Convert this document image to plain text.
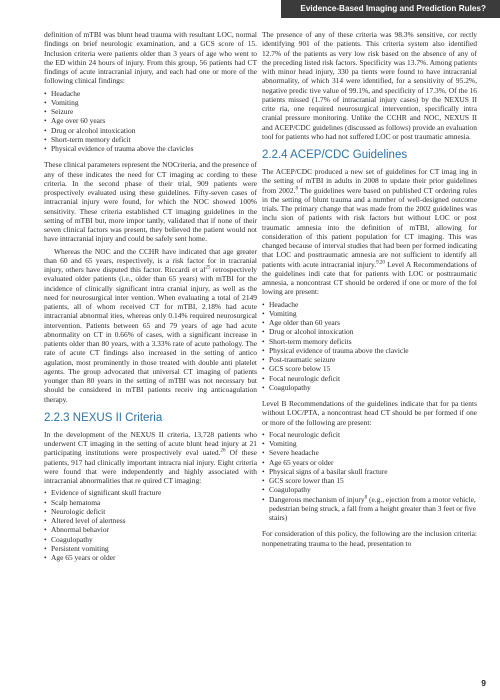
Evidence-Based Imaging and Prediction Rules?

definition of mTBI was blunt head trauma with resultant LOC, normal findings on brief neurologic examination, and a GCS score of 15. Inclusion criteria were patients older than 3 years of age who went to the ED within 24 hours of injury. From this group, 56 patients had CT findings of acute intracranial injury, and each had one or more of the following clinical findings:

• Headache
• Vomiting
• Seizure
• Age over 60 years
• Drug or alcohol intoxication
• Short-term memory deficit
• Physical evidence of trauma above the clavicles

These clinical parameters represent the NOCriteria, and the presence of any of these indicates the need for CT imaging ac cording to these criteria. In the second phase of their trial, 909 patients were prospectively evaluated using these guidelines. Fifty-seven cases of intracranial injury were found, for which the NOC showed 100% sensitivity. These criteria established CT imaging guidelines in the setting of mTBI but, more impor tantly, validated that if none of their seven clinical factors was present, they believed the patient would not have intracranial injury and could be safely sent home.

Whereas the NOC and the CCHR have indicated that age greater than 60 and 65 years, respectively, is a risk factor for in tracranial injury, others have disputed this factor. Riccardi et $al^{25}$ retrospectively evaluated older patients (i.e., older than 65 years) with mTBI for the incidence of clinically significant intra cranial injury, as well as the need for neurosurgical inter vention. When evaluating a total of 2149 patients, all of whom received CT for mTBI, 2.18% had acute intracranial abnormal ities, whereas only 0.14% required neurosurgical intervention. Patients between 65 and 79 years of age had acute abnormality on CT in 0.66% of cases, with a significant increase in patients older than 80 years, with a 3.33% rate of acute pathology. The rate of acute CT findings also increased in the setting of antico agulation, most prominently in those treated with double anti platelet agents. The group advocated that universal CT imaging of patients younger than 80 years in the setting of mTBI was not necessary but should be considered in mTBI patients receiv ing anticoagulation therapy.

2.2.3 NEXUS II Criteria

In the development of the NEXUS II criteria, 13,728 patients who underwent CT imaging in the setting of acute blunt head injury at 21 participating institutions were prospectively eval uated.$^{26}$ Of these patients, 917 had clinically important intracra nial injury. Eight criteria were found that were independently and highly associated with intracranial abnormalities that re quired CT imaging:

• Evidence of significant skull fracture
• Scalp hematoma
• Neurologic deficit
• Altered level of alertness
• Abnormal behavior
• Coagulopathy
• Persistent vomiting
• Age 65 years or older

The presence of any of these criteria was 98.3% sensitive, cor rectly identifying 901 of the patients. This criteria system also identified 12.7% of the patients as very low risk based on the absence of any of the preceding listed risk factors. Specificity was 13.7%. Among patients with minor head injury, 330 pa tients were found to have intracranial abnormality, of which 314 were identified, for a sensitivity of 95.2%, negative predic tive value of 99.1%, and specificity of 17.3%. Of the 16 patients missed (1.7% of intracranial injury cases) by the NEXUS II crite ria, one required neurosurgical intervention, specifically intra cranial pressure monitoring. Unlike the CCHR and NOC, NEXUS II and ACEP/CDC guidelines (discussed as follows) provide an evaluation tool for patients who had not suffered LOC or post traumatic amnesia.

2.2.4 ACEP/CDC Guidelines

The ACEP/CDC produced a new set of guidelines for CT imag ing in the setting of mTBI in adults in 2008 to update their prior guidelines from 2002.$^8$ The guidelines were based on published CT ordering rules in the setting of blunt trauma and a number of well-designed outcome trials. The primary change that was made from the 2002 guidelines was inclu sion of patients with risk factors but without LOC or post traumatic amnesia into the definition of mTBI, allowing for consideration of this patient population for CT imaging. This was changed because of interval studies that had been per formed indicating that LOC and posttraumatic amnesia are not sufficient to identify all patients with acute intracranial injury.$^{9,20}$ Level A Recommendations of the guidelines indi cate that for patients with LOC or posttraumatic amnesia, a noncontrast CT should be ordered if one or more of the fol lowing are present:

• Headache
• Vomiting
• Age older than 60 years
• Drug or alcohol intoxication
• Short-term memory deficits
• Physical evidence of trauma above the clavicle
• Post-traumatic seizure
• GCS score below 15
• Focal neurologic deficit
• Coagulopathy

Level B Recommendations of the guidelines indicate that for pa tients without LOC/PTA, a noncontrast head CT should be per formed if one or more of the following are present:

• Focal neurologic deficit
• Vomiting
• Severe headache
• Age 65 years or older
• Physical signs of a basilar skull fracture
• GCS score lower than 15
• Coagulopathy
• Dangerous mechanism of injury$^8$ (e.g., ejection from a motor vehicle, pedestrian being struck, a fall from a height greater than 3 feet or five stairs)

For consideration of this policy, the following are the inclusion criteria: nonpenetrating trauma to the head, presentation to

9
